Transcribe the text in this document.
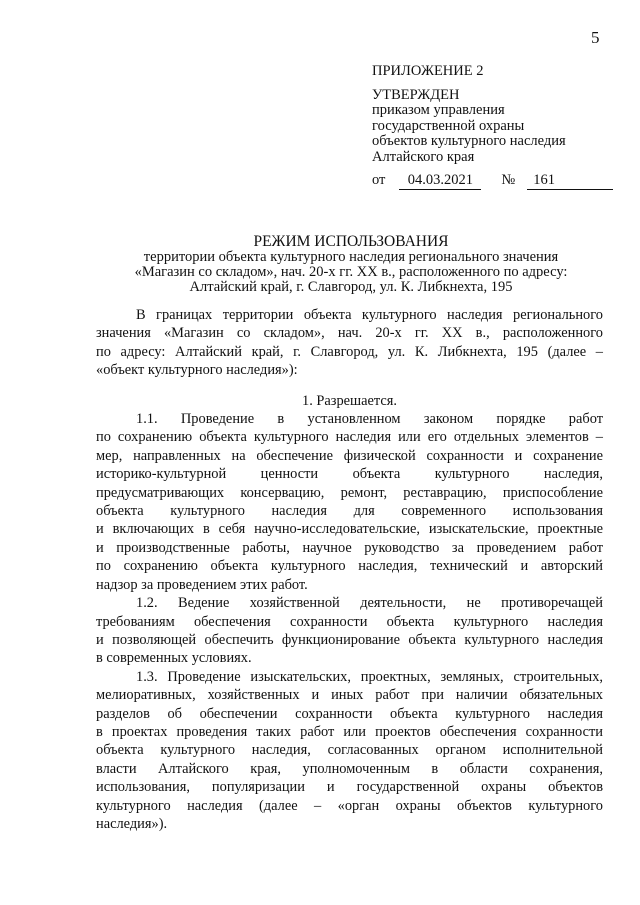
5
ПРИЛОЖЕНИЕ 2
УТВЕРЖДЕН
приказом управления
государственной охраны
объектов культурного наследия
Алтайского края
от	04.03.2021	№	161
РЕЖИМ ИСПОЛЬЗОВАНИЯ
территории объекта культурного наследия регионального значения
«Магазин со складом», нач. 20-х гг. XX в., расположенного по адресу:
Алтайский край, г. Славгород, ул. К. Либкнехта, 195
В границах территории объекта культурного наследия регионального
значения «Магазин со складом», нач. 20-х гг. XX в., расположенного
по адресу: Алтайский край, г. Славгород, ул. К. Либкнехта, 195 (далее –
«объект культурного наследия»):
1. Разрешается.
1.1. Проведение в установленном законом порядке работ
по сохранению объекта культурного наследия или его отдельных элементов –
мер, направленных на обеспечение физической сохранности и сохранение
историко-культурной ценности объекта культурного наследия,
предусматривающих консервацию, ремонт, реставрацию, приспособление
объекта культурного наследия для современного использования
и включающих в себя научно-исследовательские, изыскательские, проектные
и производственные работы, научное руководство за проведением работ
по сохранению объекта культурного наследия, технический и авторский
надзор за проведением этих работ.
1.2. Ведение хозяйственной деятельности, не противоречащей
требованиям обеспечения сохранности объекта культурного наследия
и позволяющей обеспечить функционирование объекта культурного наследия
в современных условиях.
1.3. Проведение изыскательских, проектных, земляных, строительных,
мелиоративных, хозяйственных и иных работ при наличии обязательных
разделов об обеспечении сохранности объекта культурного наследия
в проектах проведения таких работ или проектов обеспечения сохранности
объекта культурного наследия, согласованных органом исполнительной
власти Алтайского края, уполномоченным в области сохранения,
использования, популяризации и государственной охраны объектов
культурного наследия (далее – «орган охраны объектов культурного
наследия»).
